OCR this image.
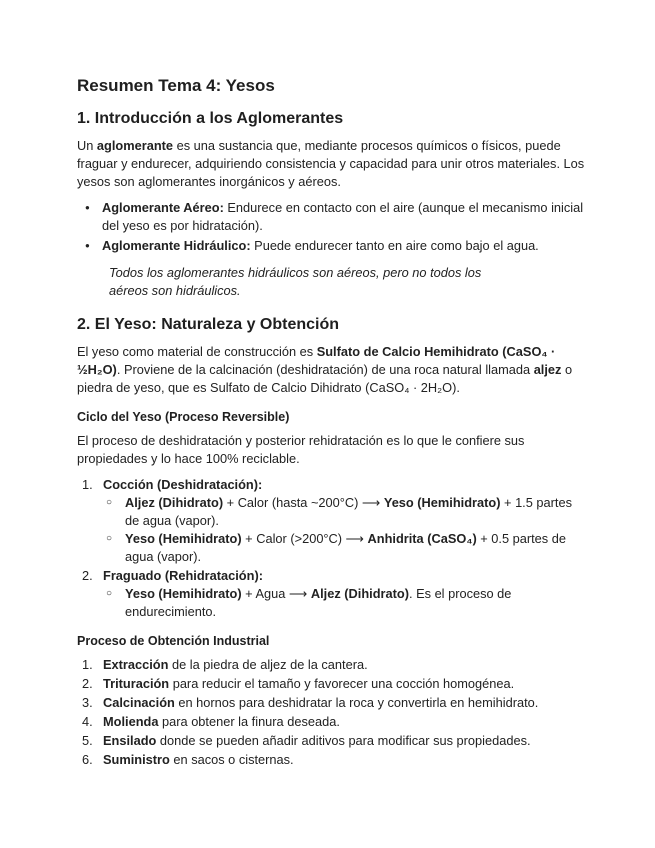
Resumen Tema 4: Yesos
1. Introducción a los Aglomerantes

Un aglomerante es una sustancia que, mediante procesos químicos o físicos, puede fraguar y endurecer, adquiriendo consistencia y capacidad para unir otros materiales. Los yesos son aglomerantes inorgánicos y aéreos.

● Aglomerante Aéreo: Endurece en contacto con el aire (aunque el mecanismo inicial del yeso es por hidratación).
● Aglomerante Hidráulico: Puede endurecer tanto en aire como bajo el agua.
Todos los aglomerantes hidráulicos son aéreos, pero no todos los aéreos son hidráulicos.
2. El Yeso: Naturaleza y Obtención

El yeso como material de construcción es Sulfato de Calcio Hemihidrato (CaSO₄ · ½H₂O). Proviene de la calcinación (deshidratación) de una roca natural llamada aljez o piedra de yeso, que es Sulfato de Calcio Dihidrato (CaSO₄ · 2H₂O).

Ciclo del Yeso (Proceso Reversible)

El proceso de deshidratación y posterior rehidratación es lo que le confiere sus propiedades y lo hace 100% reciclable.

1. Cocción (Deshidratación):
○ Aljez (Dihidrato) + Calor (hasta ~200°C) ⟶ Yeso (Hemihidrato) + 1.5 partes de agua (vapor).
○ Yeso (Hemihidrato) + Calor (>200°C) ⟶ Anhidrita (CaSO₄) + 0.5 partes de agua (vapor).
2. Fraguado (Rehidratación):
○ Yeso (Hemihidrato) + Agua ⟶ Aljez (Dihidrato). Es el proceso de endurecimiento.
Proceso de Obtención Industrial
1. Extracción de la piedra de aljez de la cantera.
2. Trituración para reducir el tamaño y favorecer una cocción homogénea.
3. Calcinación en hornos para deshidratar la roca y convertirla en hemihidrato.
4. Molienda para obtener la finura deseada.
5. Ensilado donde se pueden añadir aditivos para modificar sus propiedades.
6. Suministro en sacos o cisternas.
